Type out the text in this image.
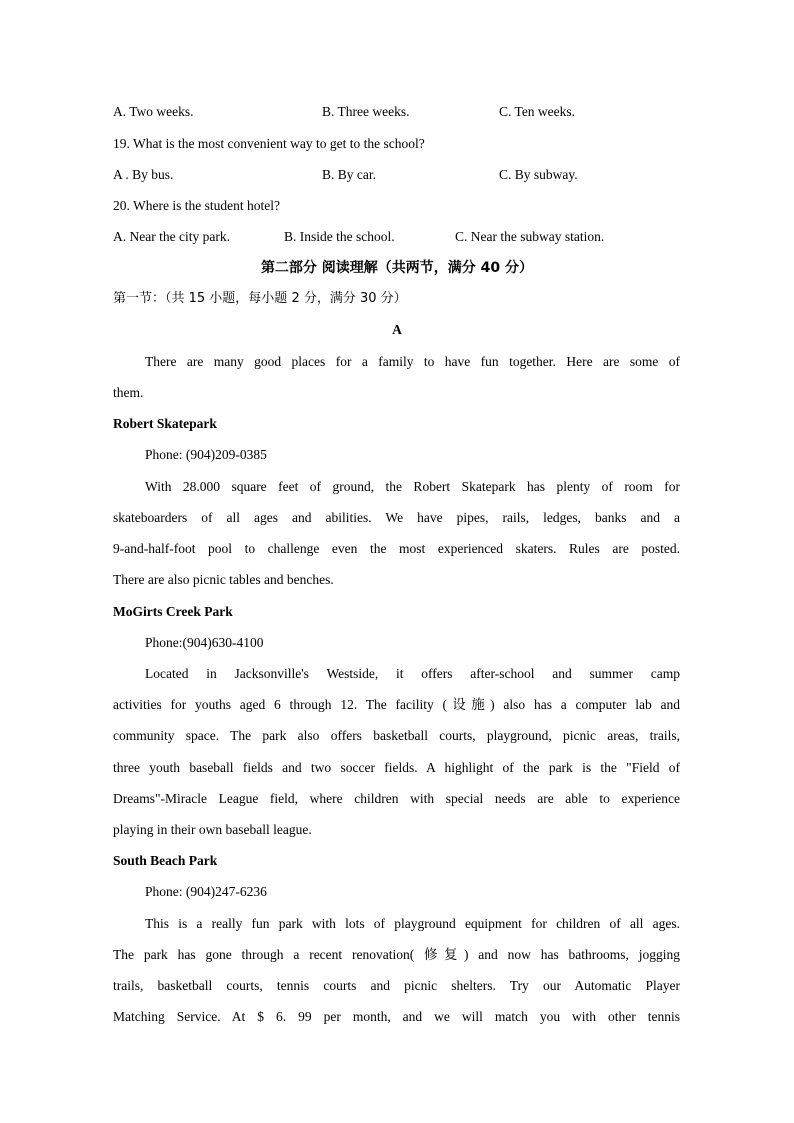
A. Two weeks.	B. Three weeks.	C. Ten weeks.
19. What is the most convenient way to get to the school?
A . By bus.	B. By car.	C. By subway.
20. Where is the student hotel?
A. Near the city park.	B. Inside the school.	C. Near the subway station.
第二部分 阅读理解（共两节，满分 40 分）
第一节：（共 15 小题，每小题 2 分，满分 30 分）
A
There are many good places for a family to have fun together. Here are some of
them.
Robert Skatepark
Phone: (904)209-0385
With 28.000 square feet of ground, the Robert Skatepark has plenty of room for
skateboarders of all ages and abilities. We have pipes, rails, ledges, banks and a
9-and-half-foot pool to challenge even the most experienced skaters. Rules are posted.
There are also picnic tables and benches.
MoGirts Creek Park
Phone:(904)630-4100
Located in Jacksonville's Westside, it offers after-school and summer camp
activities for youths aged 6 through 12. The facility (设施) also has a computer lab and
community space. The park also offers basketball courts, playground, picnic areas, trails,
three youth baseball fields and two soccer fields. A highlight of the park is the "Field of
Dreams"-Miracle League field, where children with special needs are able to experience
playing in their own baseball league.
South Beach Park
Phone: (904)247-6236
This is a really fun park with lots of playground equipment for children of all ages.
The park has gone through a recent renovation( 修复) and now has bathrooms, jogging
trails, basketball courts, tennis courts and picnic shelters. Try our Automatic Player
Matching Service. At $ 6. 99 per month, and we will match you with other tennis
